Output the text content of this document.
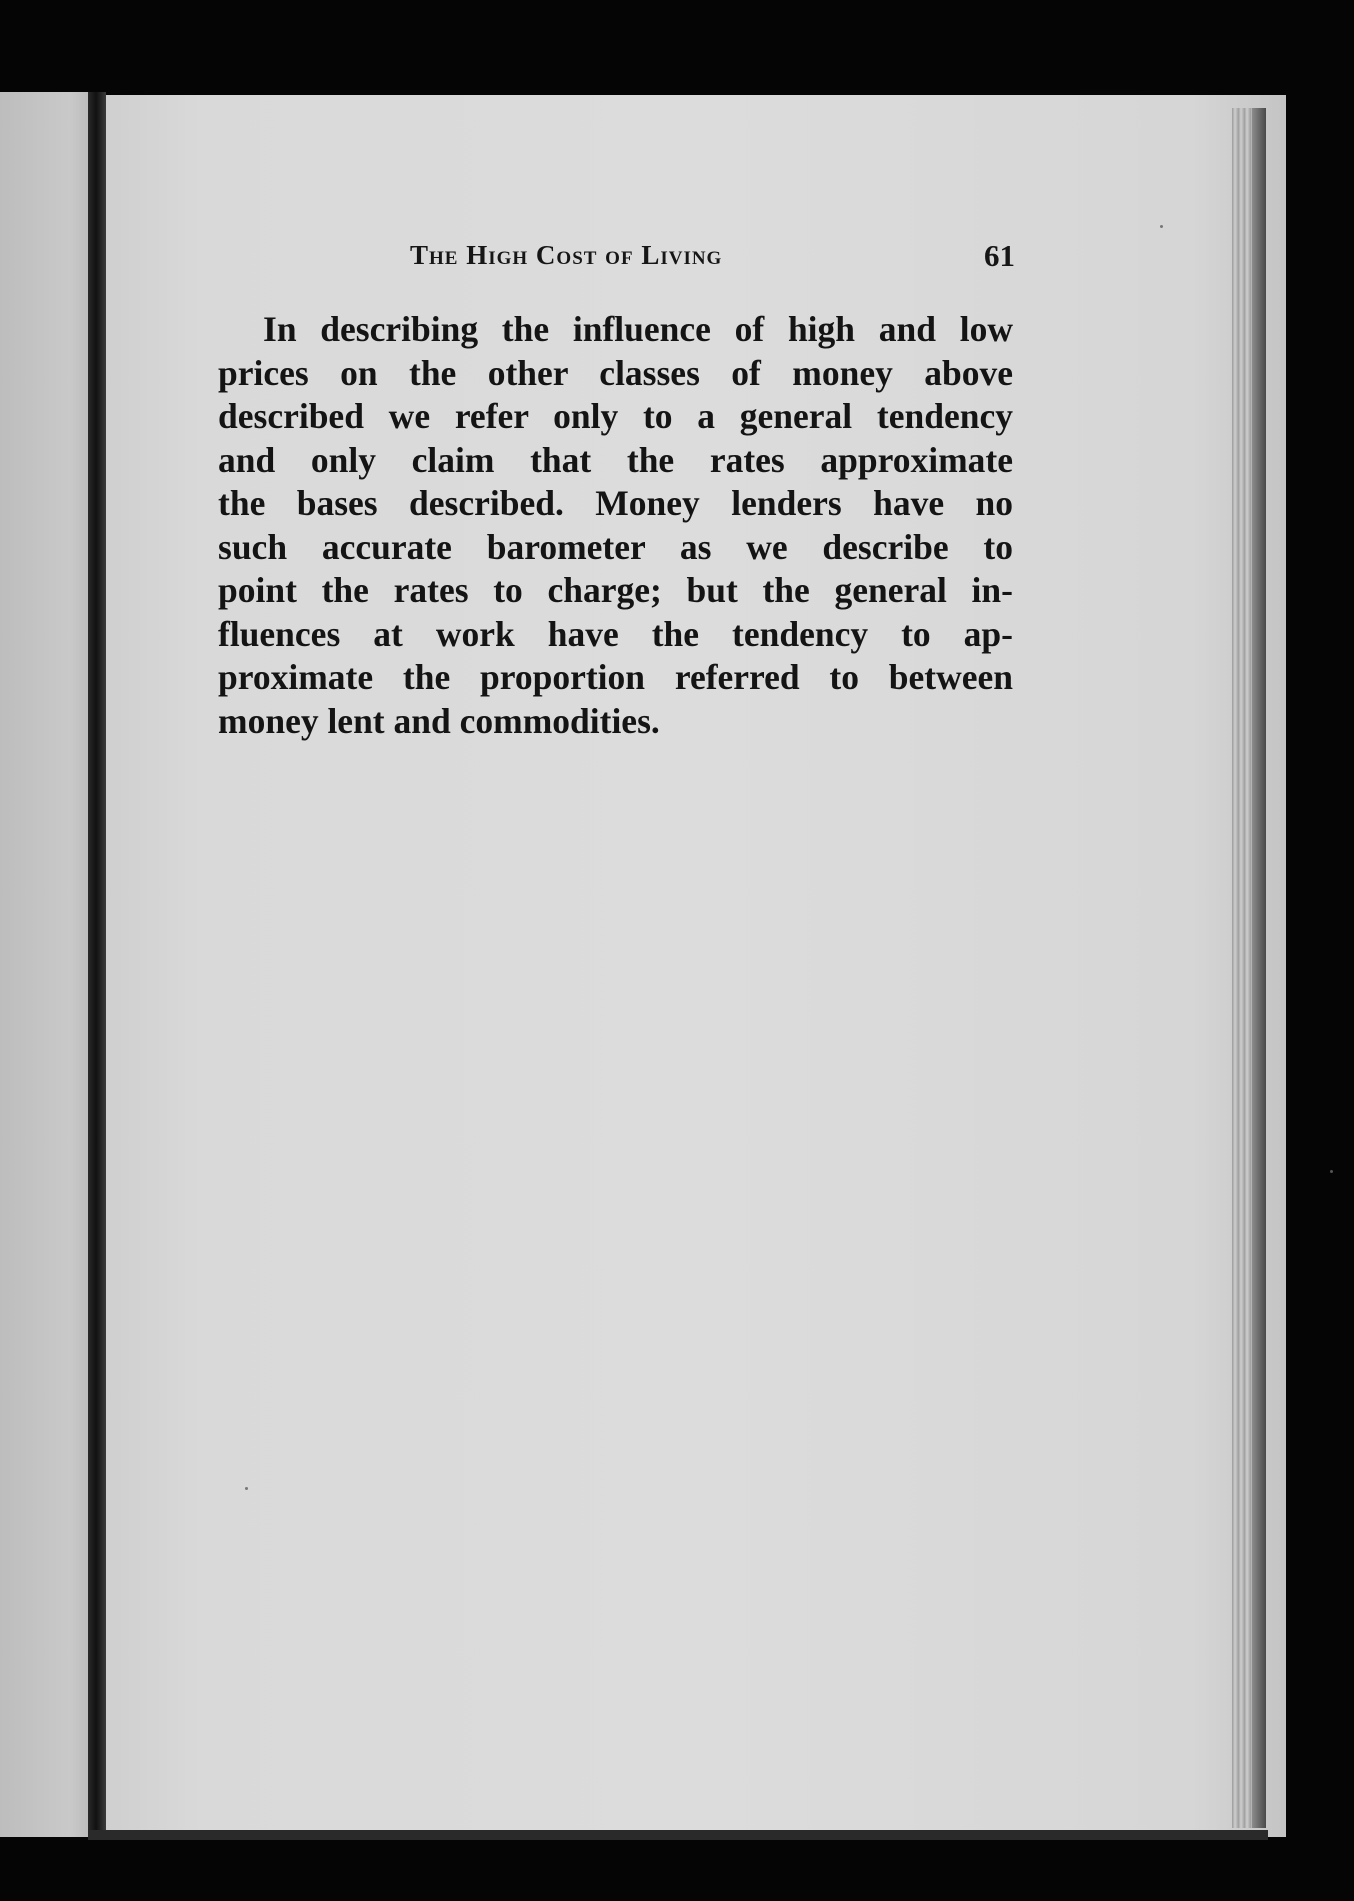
The High Cost of Living	61
In describing the influence of high and low
prices on the other classes of money above
described we refer only to a general tendency
and only claim that the rates approximate
the bases described. Money lenders have no
such accurate barometer as we describe to
point the rates to charge; but the general in-
fluences at work have the tendency to ap-
proximate the proportion referred to between
money lent and commodities.
